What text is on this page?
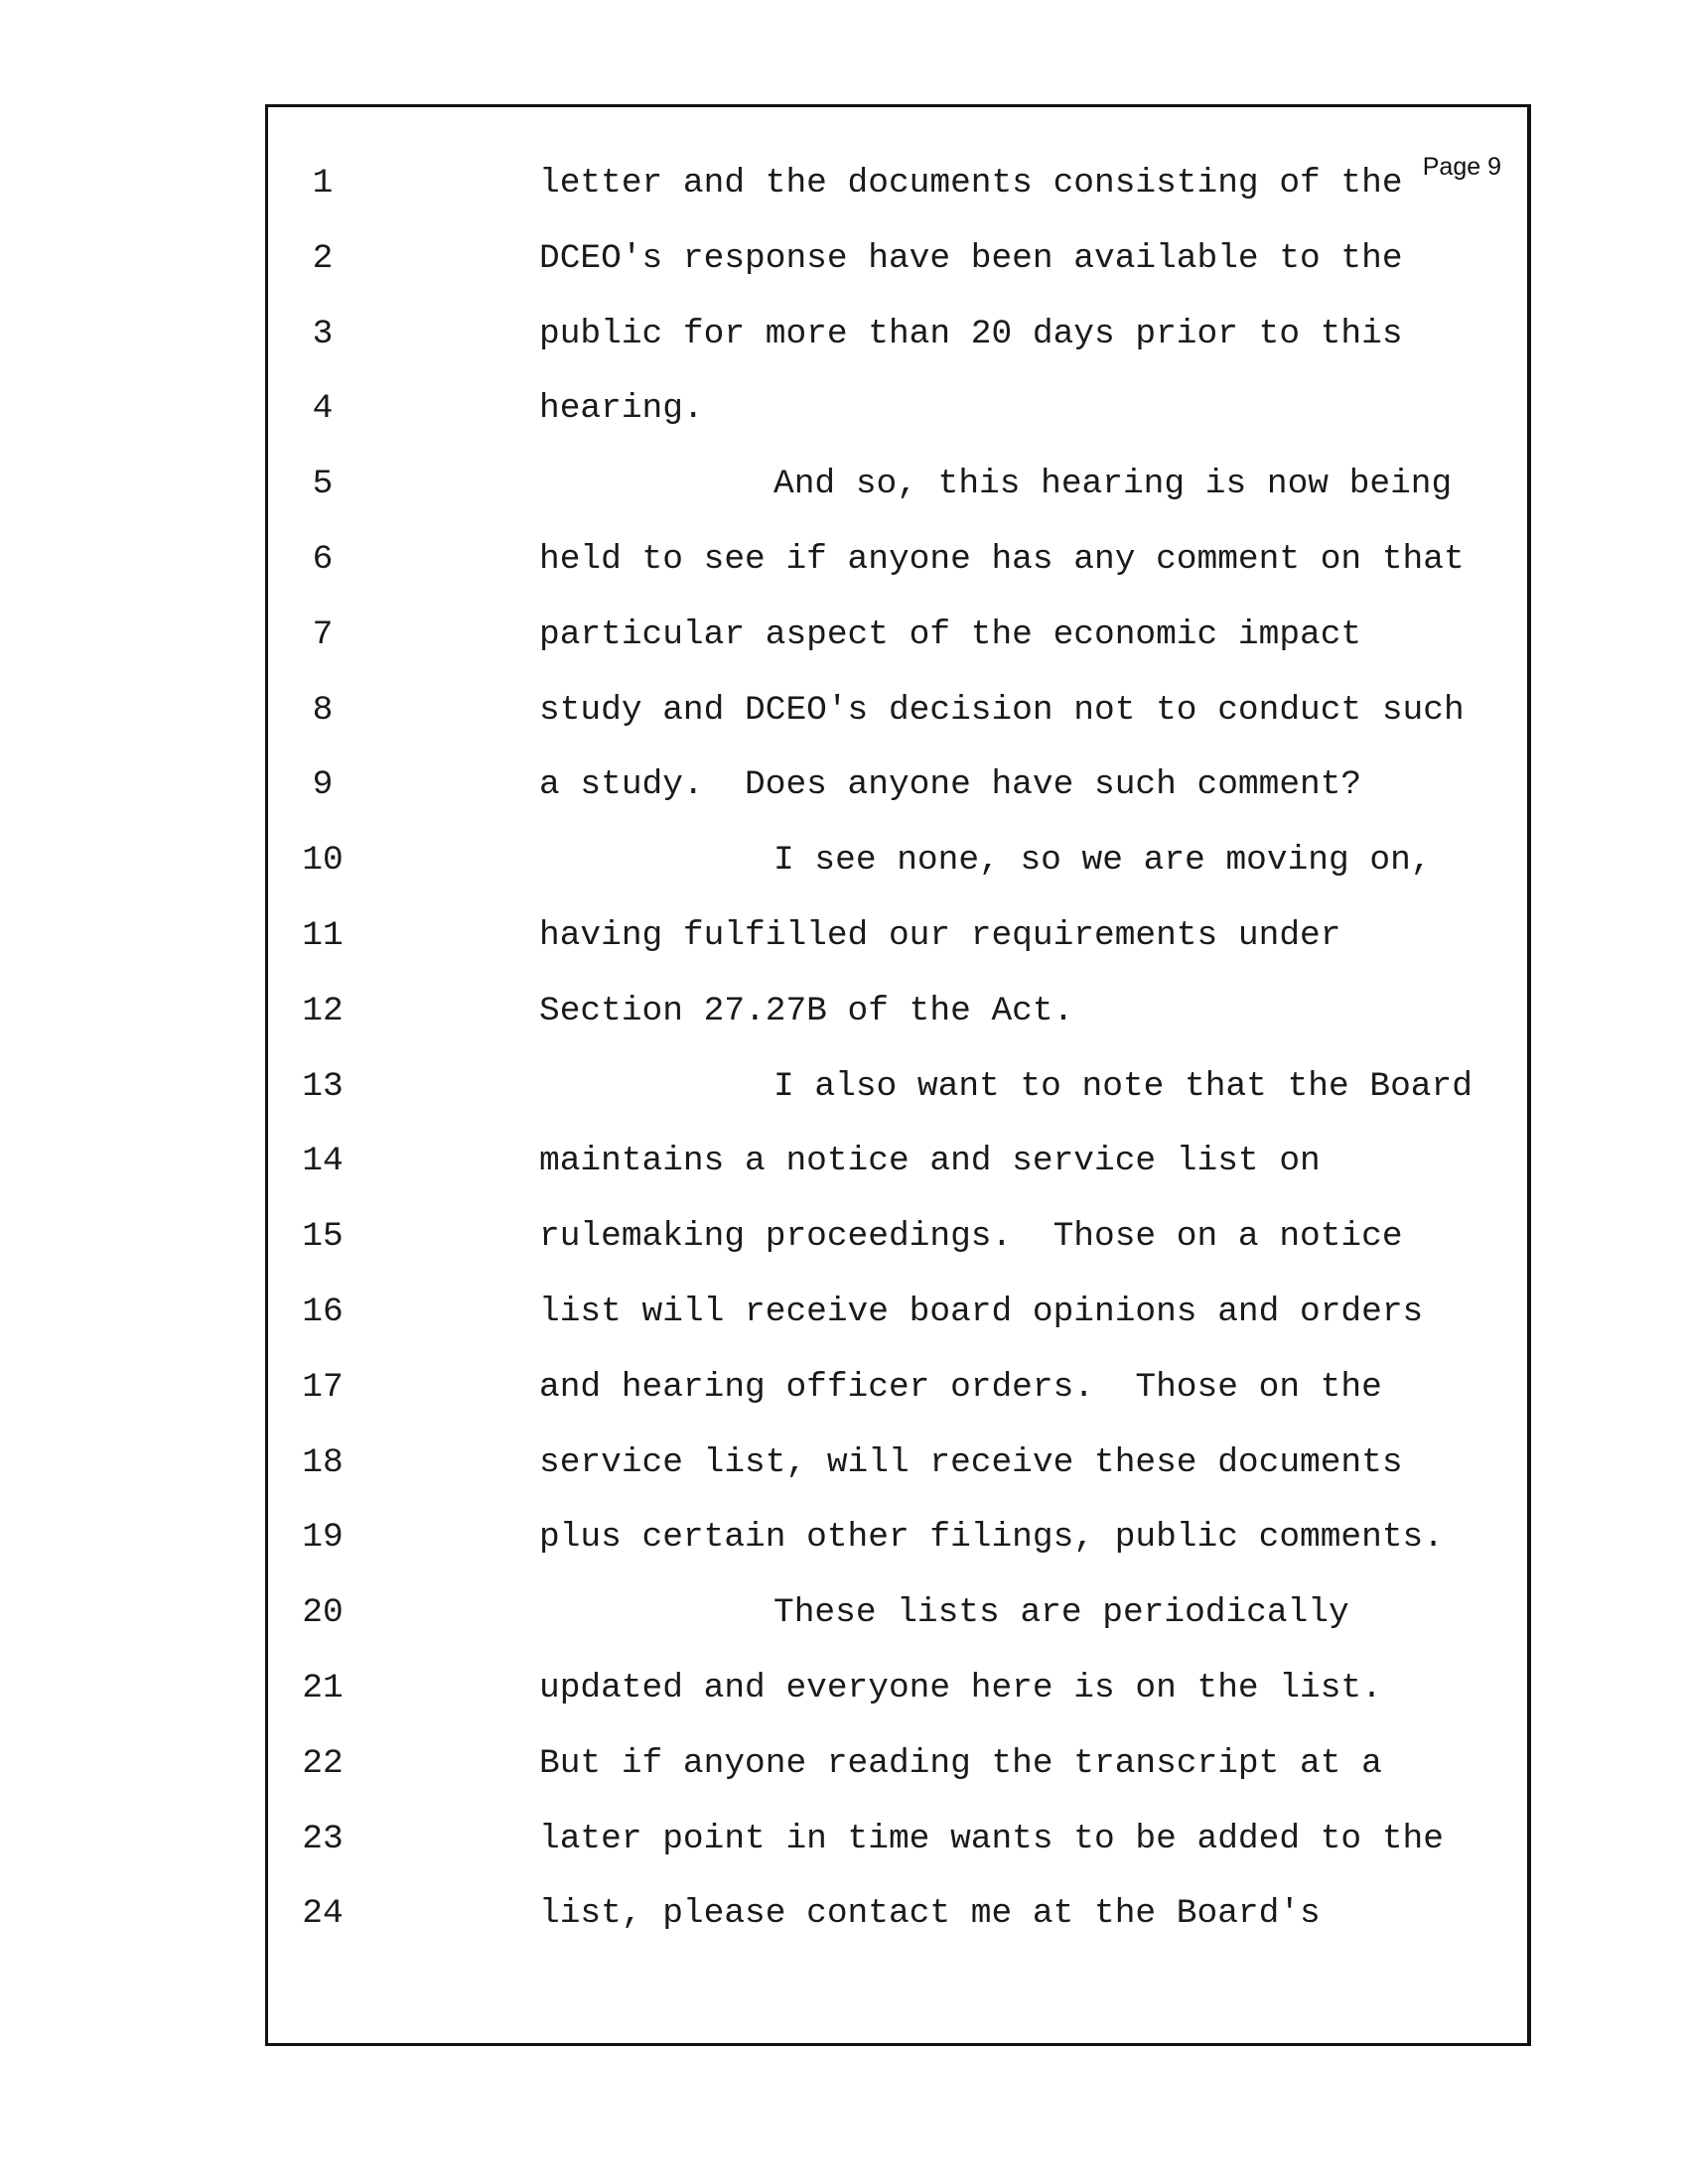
Page 9
1	letter and the documents consisting of the
2	DCEO's response have been available to the
3	public for more than 20 days prior to this
4	hearing.
5	And so, this hearing is now being
6	held to see if anyone has any comment on that
7	particular aspect of the economic impact
8	study and DCEO's decision not to conduct such
9	a study.  Does anyone have such comment?
10	I see none, so we are moving on,
11	having fulfilled our requirements under
12	Section 27.27B of the Act.
13	I also want to note that the Board
14	maintains a notice and service list on
15	rulemaking proceedings.  Those on a notice
16	list will receive board opinions and orders
17	and hearing officer orders.  Those on the
18	service list, will receive these documents
19	plus certain other filings, public comments.
20	These lists are periodically
21	updated and everyone here is on the list.
22	But if anyone reading the transcript at a
23	later point in time wants to be added to the
24	list, please contact me at the Board's
